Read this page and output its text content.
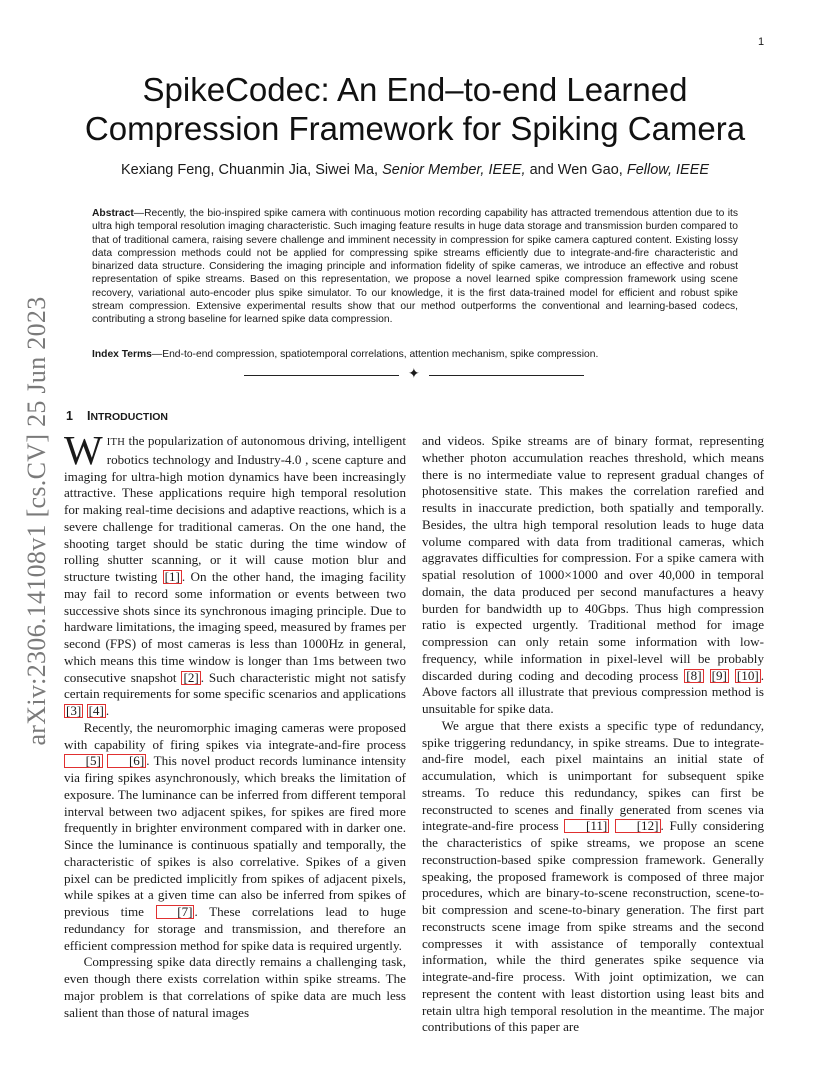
1
arXiv:2306.14108v1 [cs.CV] 25 Jun 2023
SpikeCodec: An End–to-end Learned
Compression Framework for Spiking Camera
Kexiang Feng, Chuanmin Jia, Siwei Ma, Senior Member, IEEE, and Wen Gao, Fellow, IEEE
Abstract—Recently, the bio-inspired spike camera with continuous motion recording capability has attracted tremendous attention due to its ultra high temporal resolution imaging characteristic. Such imaging feature results in huge data storage and transmission burden compared to that of traditional camera, raising severe challenge and imminent necessity in compression for spike camera captured content. Existing lossy data compression methods could not be applied for compressing spike streams efficiently due to integrate-and-fire characteristic and binarized data structure. Considering the imaging principle and information fidelity of spike cameras, we introduce an effective and robust representation of spike streams. Based on this representation, we propose a novel learned spike compression framework using scene recovery, variational auto-encoder plus spike simulator. To our knowledge, it is the first data-trained model for efficient and robust spike stream compression. Extensive experimental results show that our method outperforms the conventional and learning-based codecs, contributing a strong baseline for learned spike data compression.
Index Terms—End-to-end compression, spatiotemporal correlations, attention mechanism, spike compression.
✦
1 INTRODUCTION

WITH the popularization of autonomous driving, intelligent robotics technology and Industry-4.0 , scene capture and imaging for ultra-high motion dynamics have been increasingly attractive. These applications require high temporal resolution for making real-time decisions and adaptive reactions, which is a severe challenge for traditional cameras. On the one hand, the shooting target should be static during the time window of rolling shutter scanning, or it will cause motion blur and structure twisting [1] . On the other hand, the imaging facility may fail to record some information or events between two successive shots since its synchronous imaging principle. Due to hardware limitations, the imaging speed, measured by frames per second (FPS) of most cameras is less than 1000Hz in general, which means this time window is longer than 1ms between two consecutive snapshot [2] . Such characteristic might not satisfy certain requirements for some specific scenarios and applications [3] [4] .

Recently, the neuromorphic imaging cameras were proposed with capability of firing spikes via integrate-and-fire process [5] [6] . This novel product records luminance intensity via firing spikes asynchronously, which breaks the limitation of exposure. The luminance can be inferred from different temporal interval between two adjacent spikes, for spikes are fired more frequently in brighter environment compared with in darker one. Since the luminance is continuous spatially and temporally, the characteristic of spikes is also correlative. Spikes of a given pixel can be predicted implicitly from spikes of adjacent pixels, while spikes at a given time can also be inferred from spikes of previous time [7] . These correlations lead to huge redundancy for storage and transmission, and therefore an efficient compression method for spike data is required urgently.

Compressing spike data directly remains a challenging task, even though there exists correlation within spike streams. The major problem is that correlations of spike data are much less salient than those of natural images

and videos. Spike streams are of binary format, representing whether photon accumulation reaches threshold, which means there is no intermediate value to represent gradual changes of photosensitive state. This makes the correlation rarefied and results in inaccurate prediction, both spatially and temporally. Besides, the ultra high temporal resolution leads to huge data volume compared with data from traditional cameras, which aggravates difficulties for compression. For a spike camera with spatial resolution of 1000×1000 and over 40,000 in temporal domain, the data produced per second manufactures a heavy burden for bandwidth up to 40Gbps. Thus high compression ratio is expected urgently. Traditional method for image compression can only retain some information with low-frequency, while information in pixel-level will be probably discarded during coding and decoding process [8] [9] [10] . Above factors all illustrate that previous compression method is unsuitable for spike data.

We argue that there exists a specific type of redundancy, spike triggering redundancy, in spike streams. Due to integrate-and-fire model, each pixel maintains an initial state of accumulation, which is unimportant for subsequent spike streams. To reduce this redundancy, spikes can first be reconstructed to scenes and finally generated from scenes via integrate-and-fire process [11] [12] . Fully considering the characteristics of spike streams, we propose an scene reconstruction-based spike compression framework. Generally speaking, the proposed framework is composed of three major procedures, which are binary-to-scene reconstruction, scene-to-bit compression and scene-to-binary generation. The first part reconstructs scene image from spike streams and the second compresses it with assistance of temporally contextual information, while the third generates spike sequence via integrate-and-fire process. With joint optimization, we can represent the content with least distortion using least bits and retain ultra high temporal resolution in the meantime. The major contributions of this paper are
